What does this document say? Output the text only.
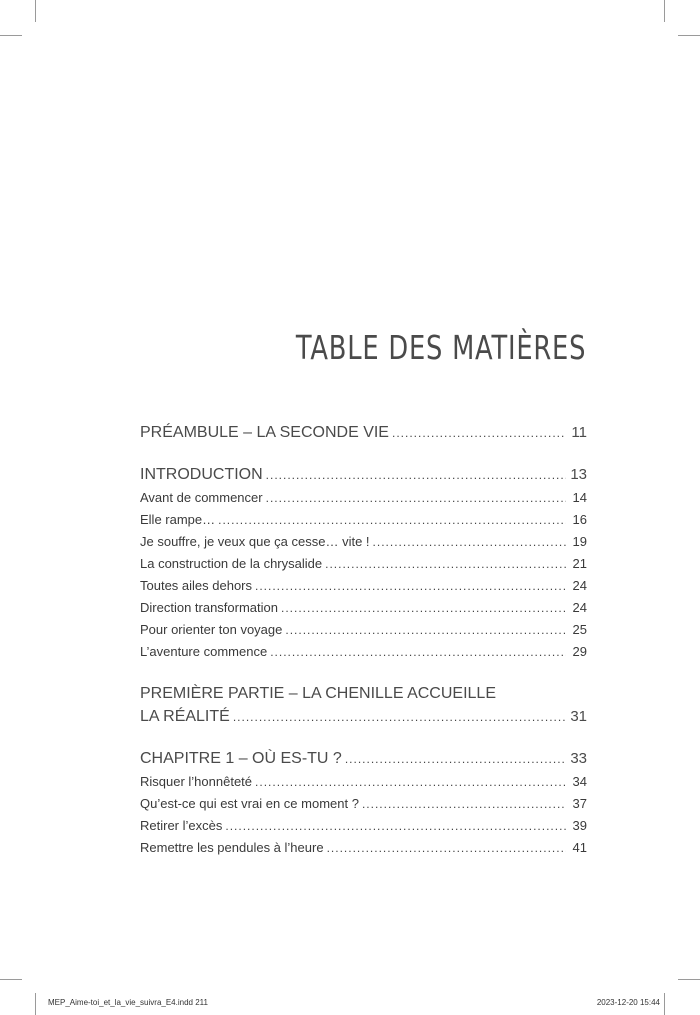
TABLE DES MATIÈRES
PRÉAMBULE – LA SECONDE VIE .....	11
INTRODUCTION .....	13
Avant de commencer .....	14
Elle rampe… .....	16
Je souffre, je veux que ça cesse… vite ! .....	19
La construction de la chrysalide .....	21
Toutes ailes dehors .....	24
Direction transformation .....	24
Pour orienter ton voyage .....	25
L’aventure commence .....	29
PREMIÈRE PARTIE – LA CHENILLE ACCUEILLE
LA RÉALITÉ .....	31
CHAPITRE 1 – OÙ ES-TU ? .....	33
Risquer l’honnêteté .....	34
Qu’est-ce qui est vrai en ce moment ? .....	37
Retirer l’excès .....	39
Remettre les pendules à l’heure .....	41
MEP_Aime-toi_et_la_vie_suivra_E4.indd 211	2023-12-20 15:44
